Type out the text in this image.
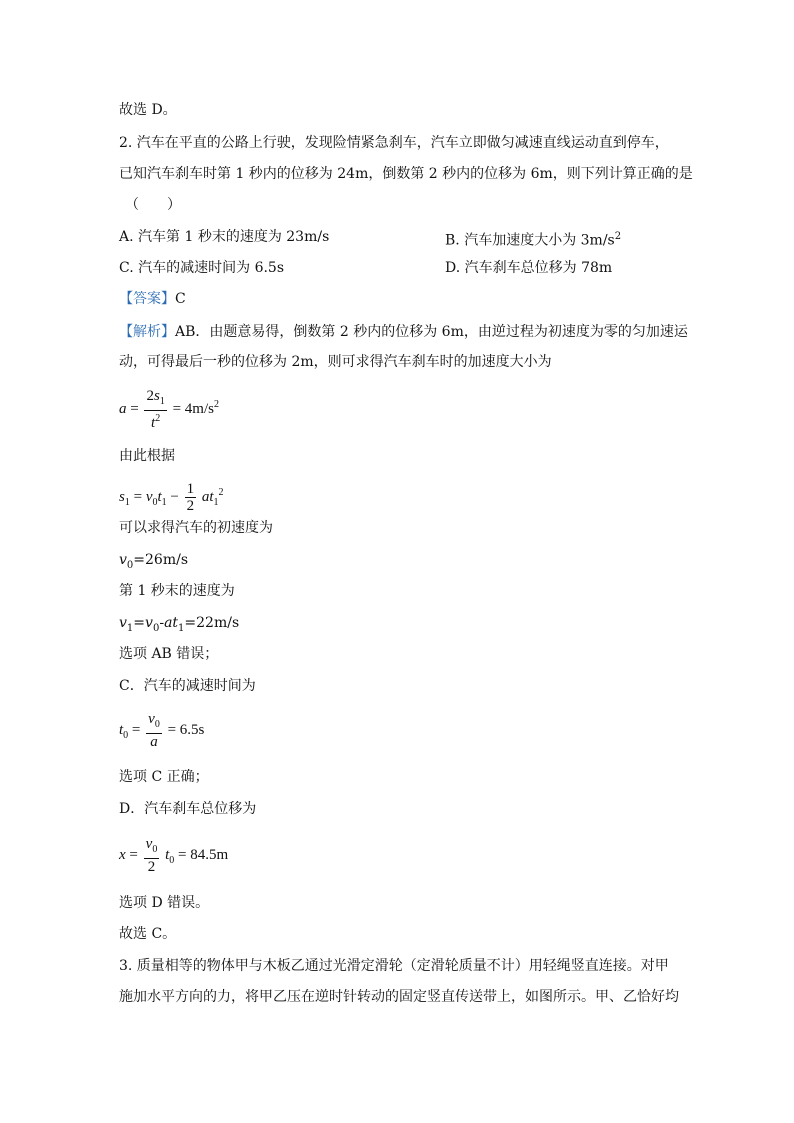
故选 D。
2. 汽车在平直的公路上行驶，发现险情紧急刹车，汽车立即做匀减速直线运动直到停车，
已知汽车刹车时第 1 秒内的位移为 24m，倒数第 2 秒内的位移为 6m，则下列计算正确的是
（　　）
A. 汽车第 1 秒末的速度为 23m/s	B. 汽车加速度大小为 $3m/s^2$
C. 汽车的减速时间为 6.5s	D. 汽车刹车总位移为 78m
【答案】C
【解析】AB．由题意易得，倒数第 2 秒内的位移为 6m，由逆过程为初速度为零的匀加速运
动，可得最后一秒的位移为 2m，则可求得汽车刹车时的加速度大小为
$a = \frac{2s_1}{t^2} = 4m/s^2$
由此根据
$s_1 = v_0t_1 - \frac{1}{2} at_1^2$
可以求得汽车的初速度为
$v_0=26m/s$
第 1 秒末的速度为
$v_1=v_0-at_1=22m/s$
选项 AB 错误；
C．汽车的减速时间为
$t_0 = \frac{v_0}{a} = 6.5s$
选项 C 正确；
D．汽车刹车总位移为
$x = \frac{v_0}{2} t_0 = 84.5m$
选项 D 错误。
故选 C。
3. 质量相等的物体甲与木板乙通过光滑定滑轮（定滑轮质量不计）用轻绳竖直连接。对甲
施加水平方向的力，将甲乙压在逆时针转动的固定竖直传送带上，如图所示。甲、乙恰好均
